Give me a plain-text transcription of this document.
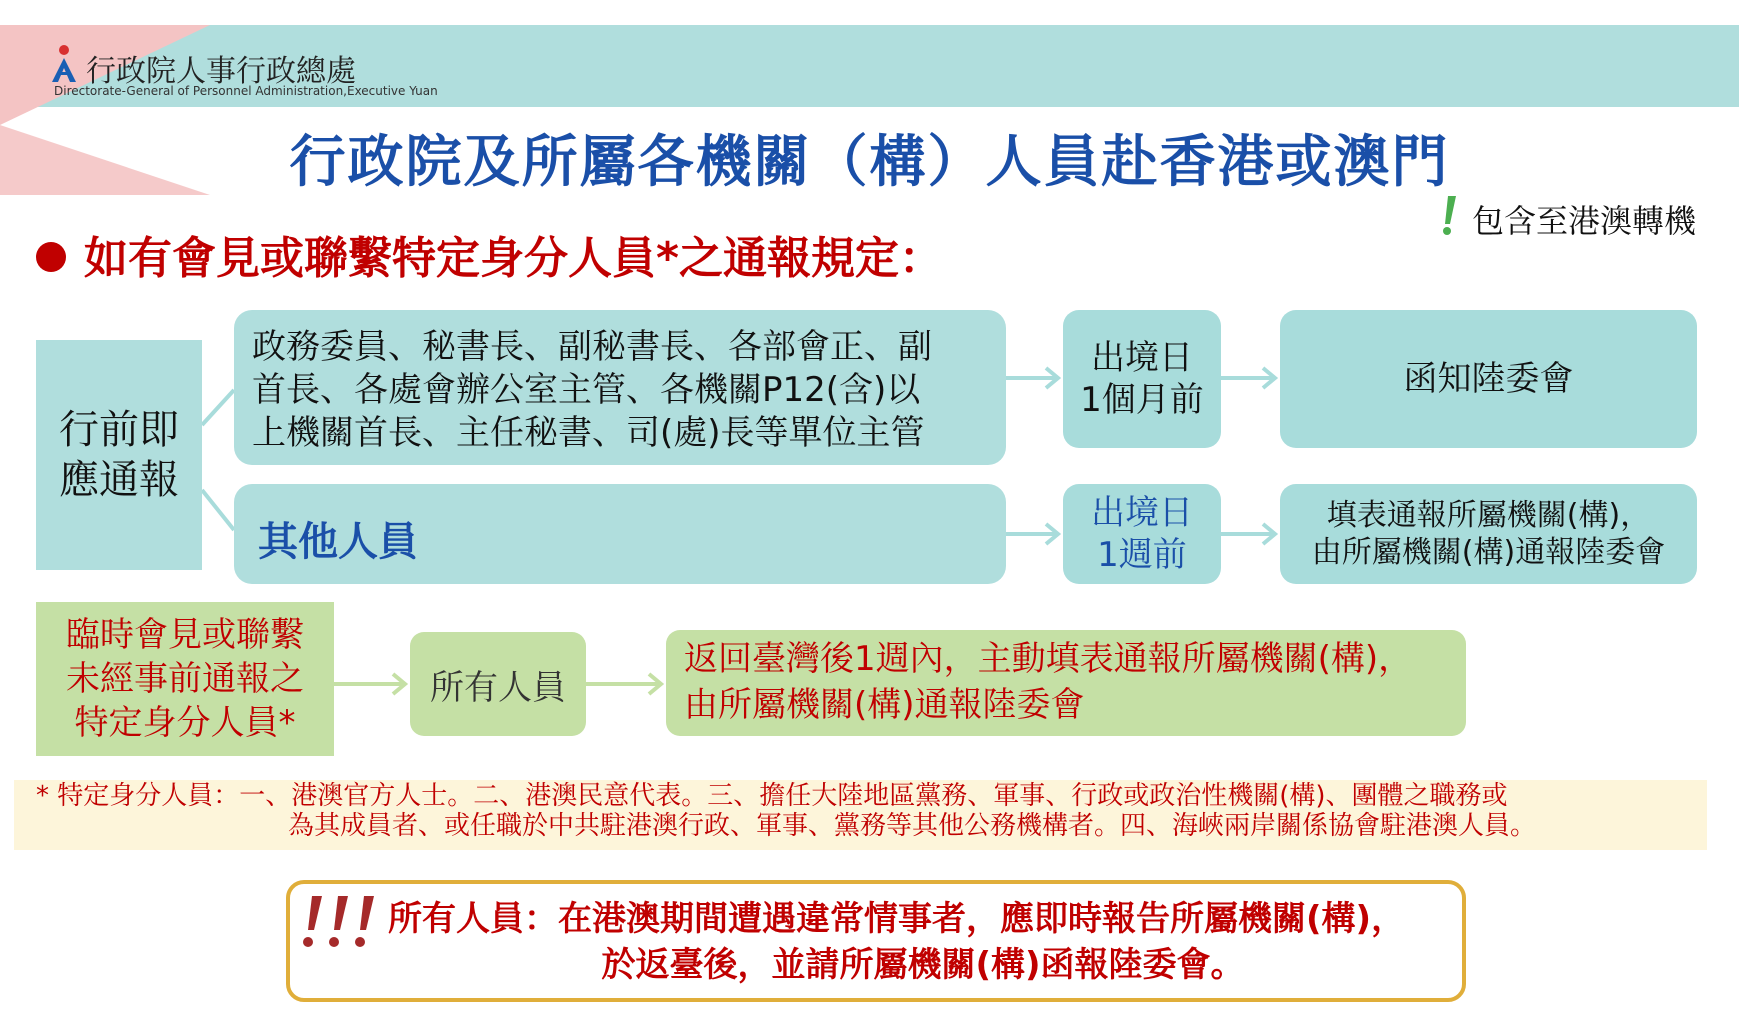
行政院人事行政總處
Directorate-General of Personnel Administration,Executive Yuan
行政院及所屬各機關（構）人員赴香港或澳門
包含至港澳轉機
如有會見或聯繫特定身分人員*之通報規定：
行前即
應通報
政務委員、秘書長、副秘書長、各部會正、副
首長、各處會辦公室主管、各機關P12(含)以
上機關首長、主任秘書、司(處)長等單位主管
其他人員
出境日
1個月前
出境日
1週前
函知陸委會
填表通報所屬機關(構)，
由所屬機關(構)通報陸委會
臨時會見或聯繫
未經事前通報之
特定身分人員*
所有人員
返回臺灣後1週內，主動填表通報所屬機關(構)，
由所屬機關(構)通報陸委會
* 特定身分人員：一、港澳官方人士。二、港澳民意代表。三、擔任大陸地區黨務、軍事、行政或政治性機關(構)、團體之職務或
為其成員者、或任職於中共駐港澳行政、軍事、黨務等其他公務機構者。四、海峽兩岸關係協會駐港澳人員。
所有人員：在港澳期間遭遇違常情事者，應即時報告所屬機關(構)，
於返臺後，並請所屬機關(構)函報陸委會。
